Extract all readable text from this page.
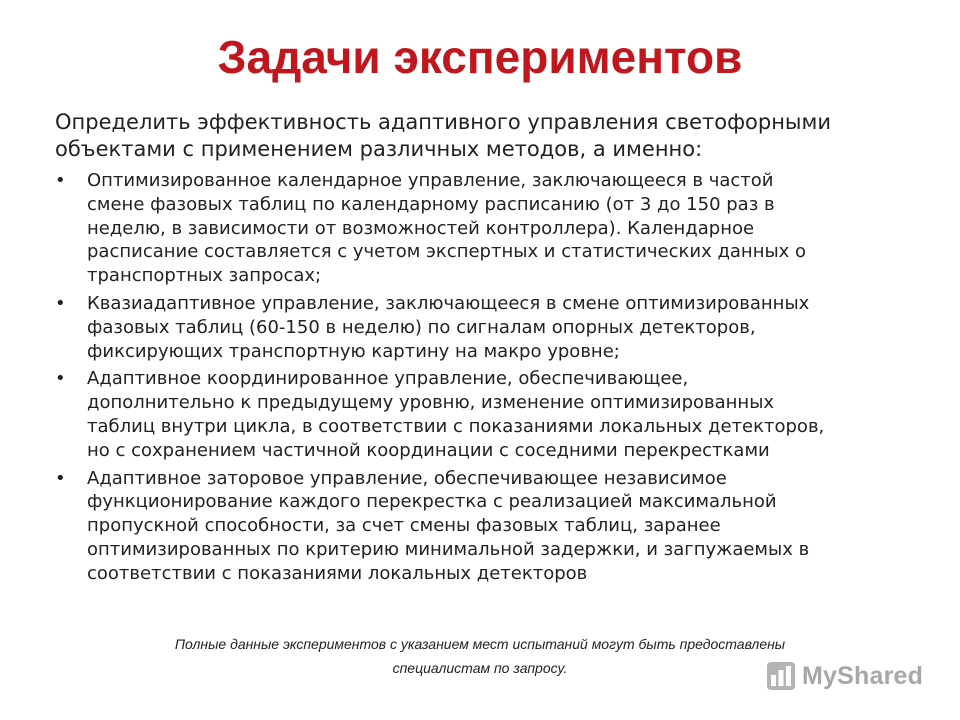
Задачи экспериментов
Определить эффективность адаптивного управления светофорными
объектами с применением различных методов, а именно:
• Оптимизированное календарное управление, заключающееся в частой
смене фазовых таблиц по календарному расписанию (от 3 до 150 раз в
неделю, в зависимости от возможностей контроллера). Календарное
расписание составляется с учетом экспертных и статистических данных о
транспортных запросах;
• Квазиадаптивное управление, заключающееся в смене оптимизированных
фазовых таблиц (60-150 в неделю) по сигналам опорных детекторов,
фиксирующих транспортную картину на макро уровне;
• Адаптивное координированное управление, обеспечивающее,
дополнительно к предыдущему уровню, изменение оптимизированных
таблиц внутри цикла, в соответствии с показаниями локальных детекторов,
но с сохранением частичной координации с соседними перекрестками
• Адаптивное заторовое управление, обеспечивающее независимое
функционирование каждого перекрестка с реализацией максимальной
пропускной способности, за счет смены фазовых таблиц, заранее
оптимизированных по критерию минимальной задержки, и загпужаемых в
соответствии с показаниями локальных детекторов
Полные данные экспериментов с указанием мест испытаний могут быть предоставлены
специалистам по запросу.	MyShared
